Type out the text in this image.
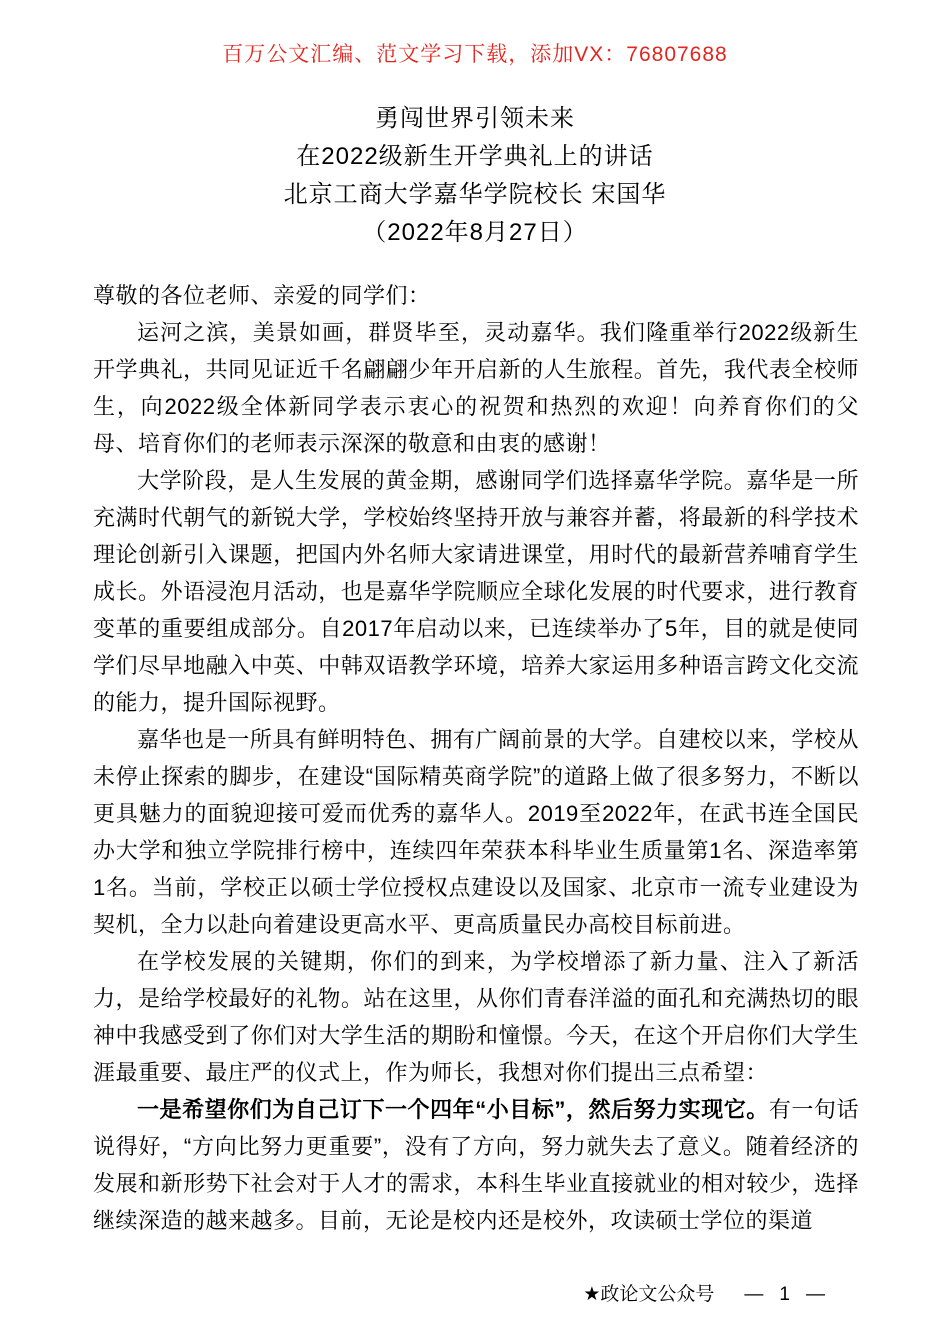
百万公文汇编、范文学习下载，添加VX：76807688
勇闯世界引领未来
在2022级新生开学典礼上的讲话
北京工商大学嘉华学院校长 宋国华
（2022年8月27日）

尊敬的各位老师、亲爱的同学们：

运河之滨，美景如画，群贤毕至，灵动嘉华。我们隆重举行2022级新生开学典礼，共同见证近千名翩翩少年开启新的人生旅程。首先，我代表全校师生，向2022级全体新同学表示衷心的祝贺和热烈的欢迎！向养育你们的父母、培育你们的老师表示深深的敬意和由衷的感谢！

大学阶段，是人生发展的黄金期，感谢同学们选择嘉华学院。嘉华是一所充满时代朝气的新锐大学，学校始终坚持开放与兼容并蓄，将最新的科学技术理论创新引入课题，把国内外名师大家请进课堂，用时代的最新营养哺育学生成长。外语浸泡月活动，也是嘉华学院顺应全球化发展的时代要求，进行教育变革的重要组成部分。自2017年启动以来，已连续举办了5年，目的就是使同学们尽早地融入中英、中韩双语教学环境，培养大家运用多种语言跨文化交流的能力，提升国际视野。

嘉华也是一所具有鲜明特色、拥有广阔前景的大学。自建校以来，学校从未停止探索的脚步，在建设“国际精英商学院”的道路上做了很多努力，不断以更具魅力的面貌迎接可爱而优秀的嘉华人。2019至2022年，在武书连全国民办大学和独立学院排行榜中，连续四年荣获本科毕业生质量第1名、深造率第1名。当前，学校正以硕士学位授权点建设以及国家、北京市一流专业建设为契机，全力以赴向着建设更高水平、更高质量民办高校目标前进。

在学校发展的关键期，你们的到来，为学校增添了新力量、注入了新活力，是给学校最好的礼物。站在这里，从你们青春洋溢的面孔和充满热切的眼神中我感受到了你们对大学生活的期盼和憧憬。今天，在这个开启你们大学生涯最重要、最庄严的仪式上，作为师长，我想对你们提出三点希望：

一是希望你们为自己订下一个四年“小目标”，然后努力实现它。有一句话说得好，“方向比努力更重要”，没有了方向，努力就失去了意义。随着经济的发展和新形势下社会对于人才的需求，本科生毕业直接就业的相对较少，选择继续深造的越来越多。目前，无论是校内还是校外，攻读硕士学位的渠道

★政论文公众号 — 1 —
